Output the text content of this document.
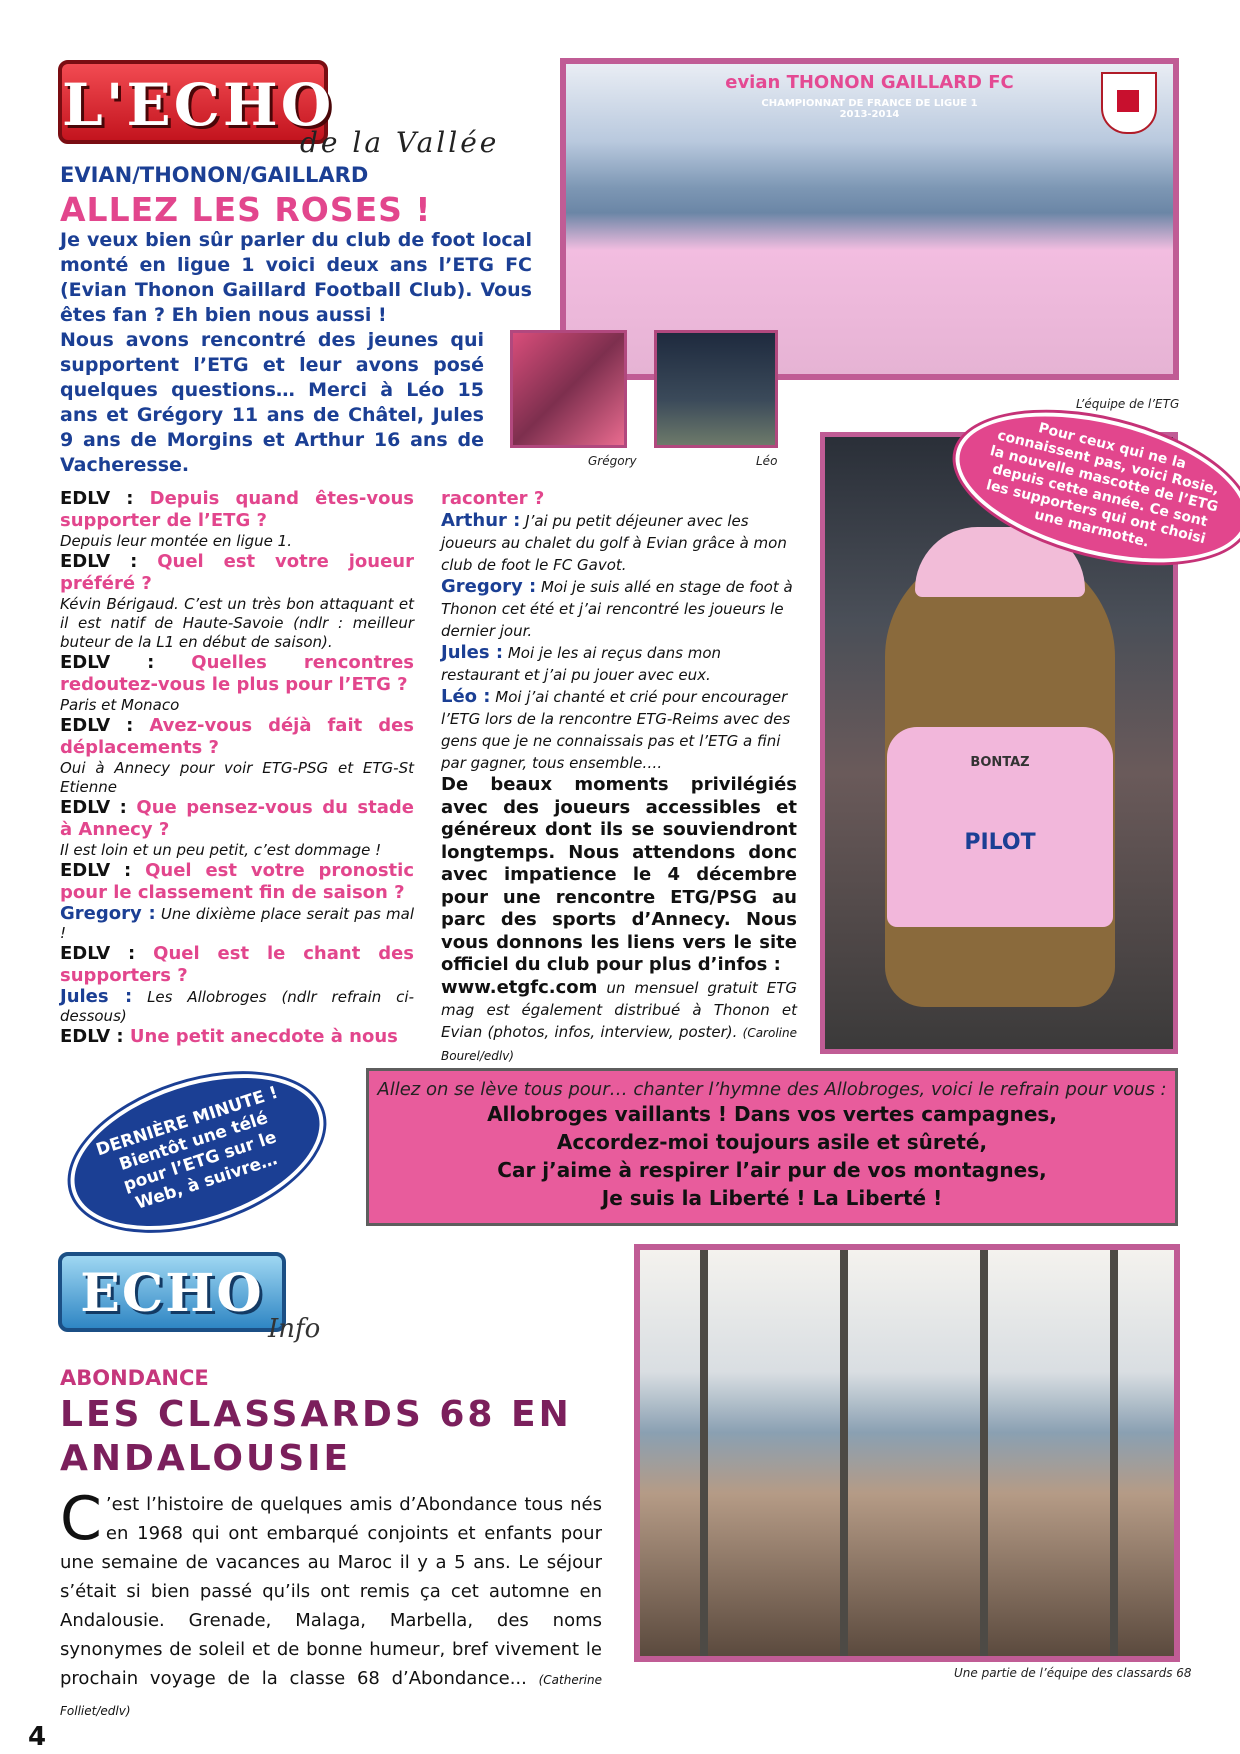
L'ECHO
de la Vallée
EVIAN/THONON/GAILLARD
ALLEZ LES ROSES !
Je veux bien sûr parler du club de foot local monté en ligue 1 voici deux ans l’ETG FC (Evian Thonon Gaillard Football Club). Vous êtes fan ? Eh bien nous aussi !
Nous avons rencontré des jeunes qui supportent l’ETG et leur avons posé quelques questions… Merci à Léo 15 ans et Grégory 11 ans de Châtel, Jules 9 ans de Morgins et Arthur 16 ans de Vacheresse.
evian THONON GAILLARD FC
CHAMPIONNAT DE FRANCE DE LIGUE 1
2013-2014
L’équipe de l’ETG
Grégory	Léo
BONTAZ
PILOT
Pour ceux qui ne la connaissent pas, voici Rosie, la nouvelle mascotte de l’ETG depuis cette année. Ce sont les supporters qui ont choisi une marmotte.
EDLV : Depuis quand êtes-vous supporter de l’ETG ?
Depuis leur montée en ligue 1.
EDLV : Quel est votre joueur préféré ?
Kévin Bérigaud. C’est un très bon attaquant et il est natif de Haute-Savoie (ndlr : meilleur buteur de la L1 en début de saison).
EDLV : Quelles rencontres redoutez-vous le plus pour l’ETG ?
Paris et Monaco
EDLV : Avez-vous déjà fait des déplacements ?
Oui à Annecy pour voir ETG-PSG et ETG-St Etienne
EDLV : Que pensez-vous du stade à Annecy ?
Il est loin et un peu petit, c’est dommage !
EDLV : Quel est votre pronostic pour le classement fin de saison ?
Gregory : Une dixième place serait pas mal !
EDLV : Quel est le chant des supporters ?
Jules : Les Allobroges (ndlr refrain ci-dessous)
EDLV : Une petit anecdote à nous
raconter ?
Arthur : J’ai pu petit déjeuner avec les joueurs au chalet du golf à Evian grâce à mon club de foot le FC Gavot.
Gregory : Moi je suis allé en stage de foot à Thonon cet été et j’ai rencontré les joueurs le dernier jour.
Jules : Moi je les ai reçus dans mon restaurant et j’ai pu jouer avec eux.
Léo : Moi j’ai chanté et crié pour encourager l’ETG lors de la rencontre ETG-Reims avec des gens que je ne connaissais pas et l’ETG a fini par gagner, tous ensemble….
De beaux moments privilégiés avec des joueurs accessibles et généreux dont ils se souviendront longtemps. Nous attendons donc avec impatience le 4 décembre pour une rencontre ETG/PSG au parc des sports d’Annecy. Nous vous donnons les liens vers le site officiel du club pour plus d’infos :
www.etgfc.com un mensuel gratuit ETG mag est également distribué à Thonon et Evian (photos, infos, interview, poster). (Caroline Bourel/edlv)
Allez on se lève tous pour… chanter l’hymne des Allobroges, voici le refrain pour vous :
Allobroges vaillants ! Dans vos vertes campagnes,
Accordez-moi toujours asile et sûreté,
Car j’aime à respirer l’air pur de vos montagnes,
Je suis la Liberté ! La Liberté !
DERNIÈRE MINUTE ! Bientôt une télé pour l’ETG sur le Web, à suivre…
ECHO
Info
ABONDANCE
LES CLASSARDS 68 EN ANDALOUSIE
C ’est l’histoire de quelques amis d’Abondance tous nés en 1968 qui ont embarqué conjoints et enfants pour une semaine de vacances au Maroc il y a 5 ans. Le séjour s’était si bien passé qu’ils ont remis ça cet automne en Andalousie. Grenade, Malaga, Marbella, des noms synonymes de soleil et de bonne humeur, bref vivement le prochain voyage de la classe 68 d’Abondance... (Catherine Folliet/edlv)
Une partie de l’équipe des classards 68
4
